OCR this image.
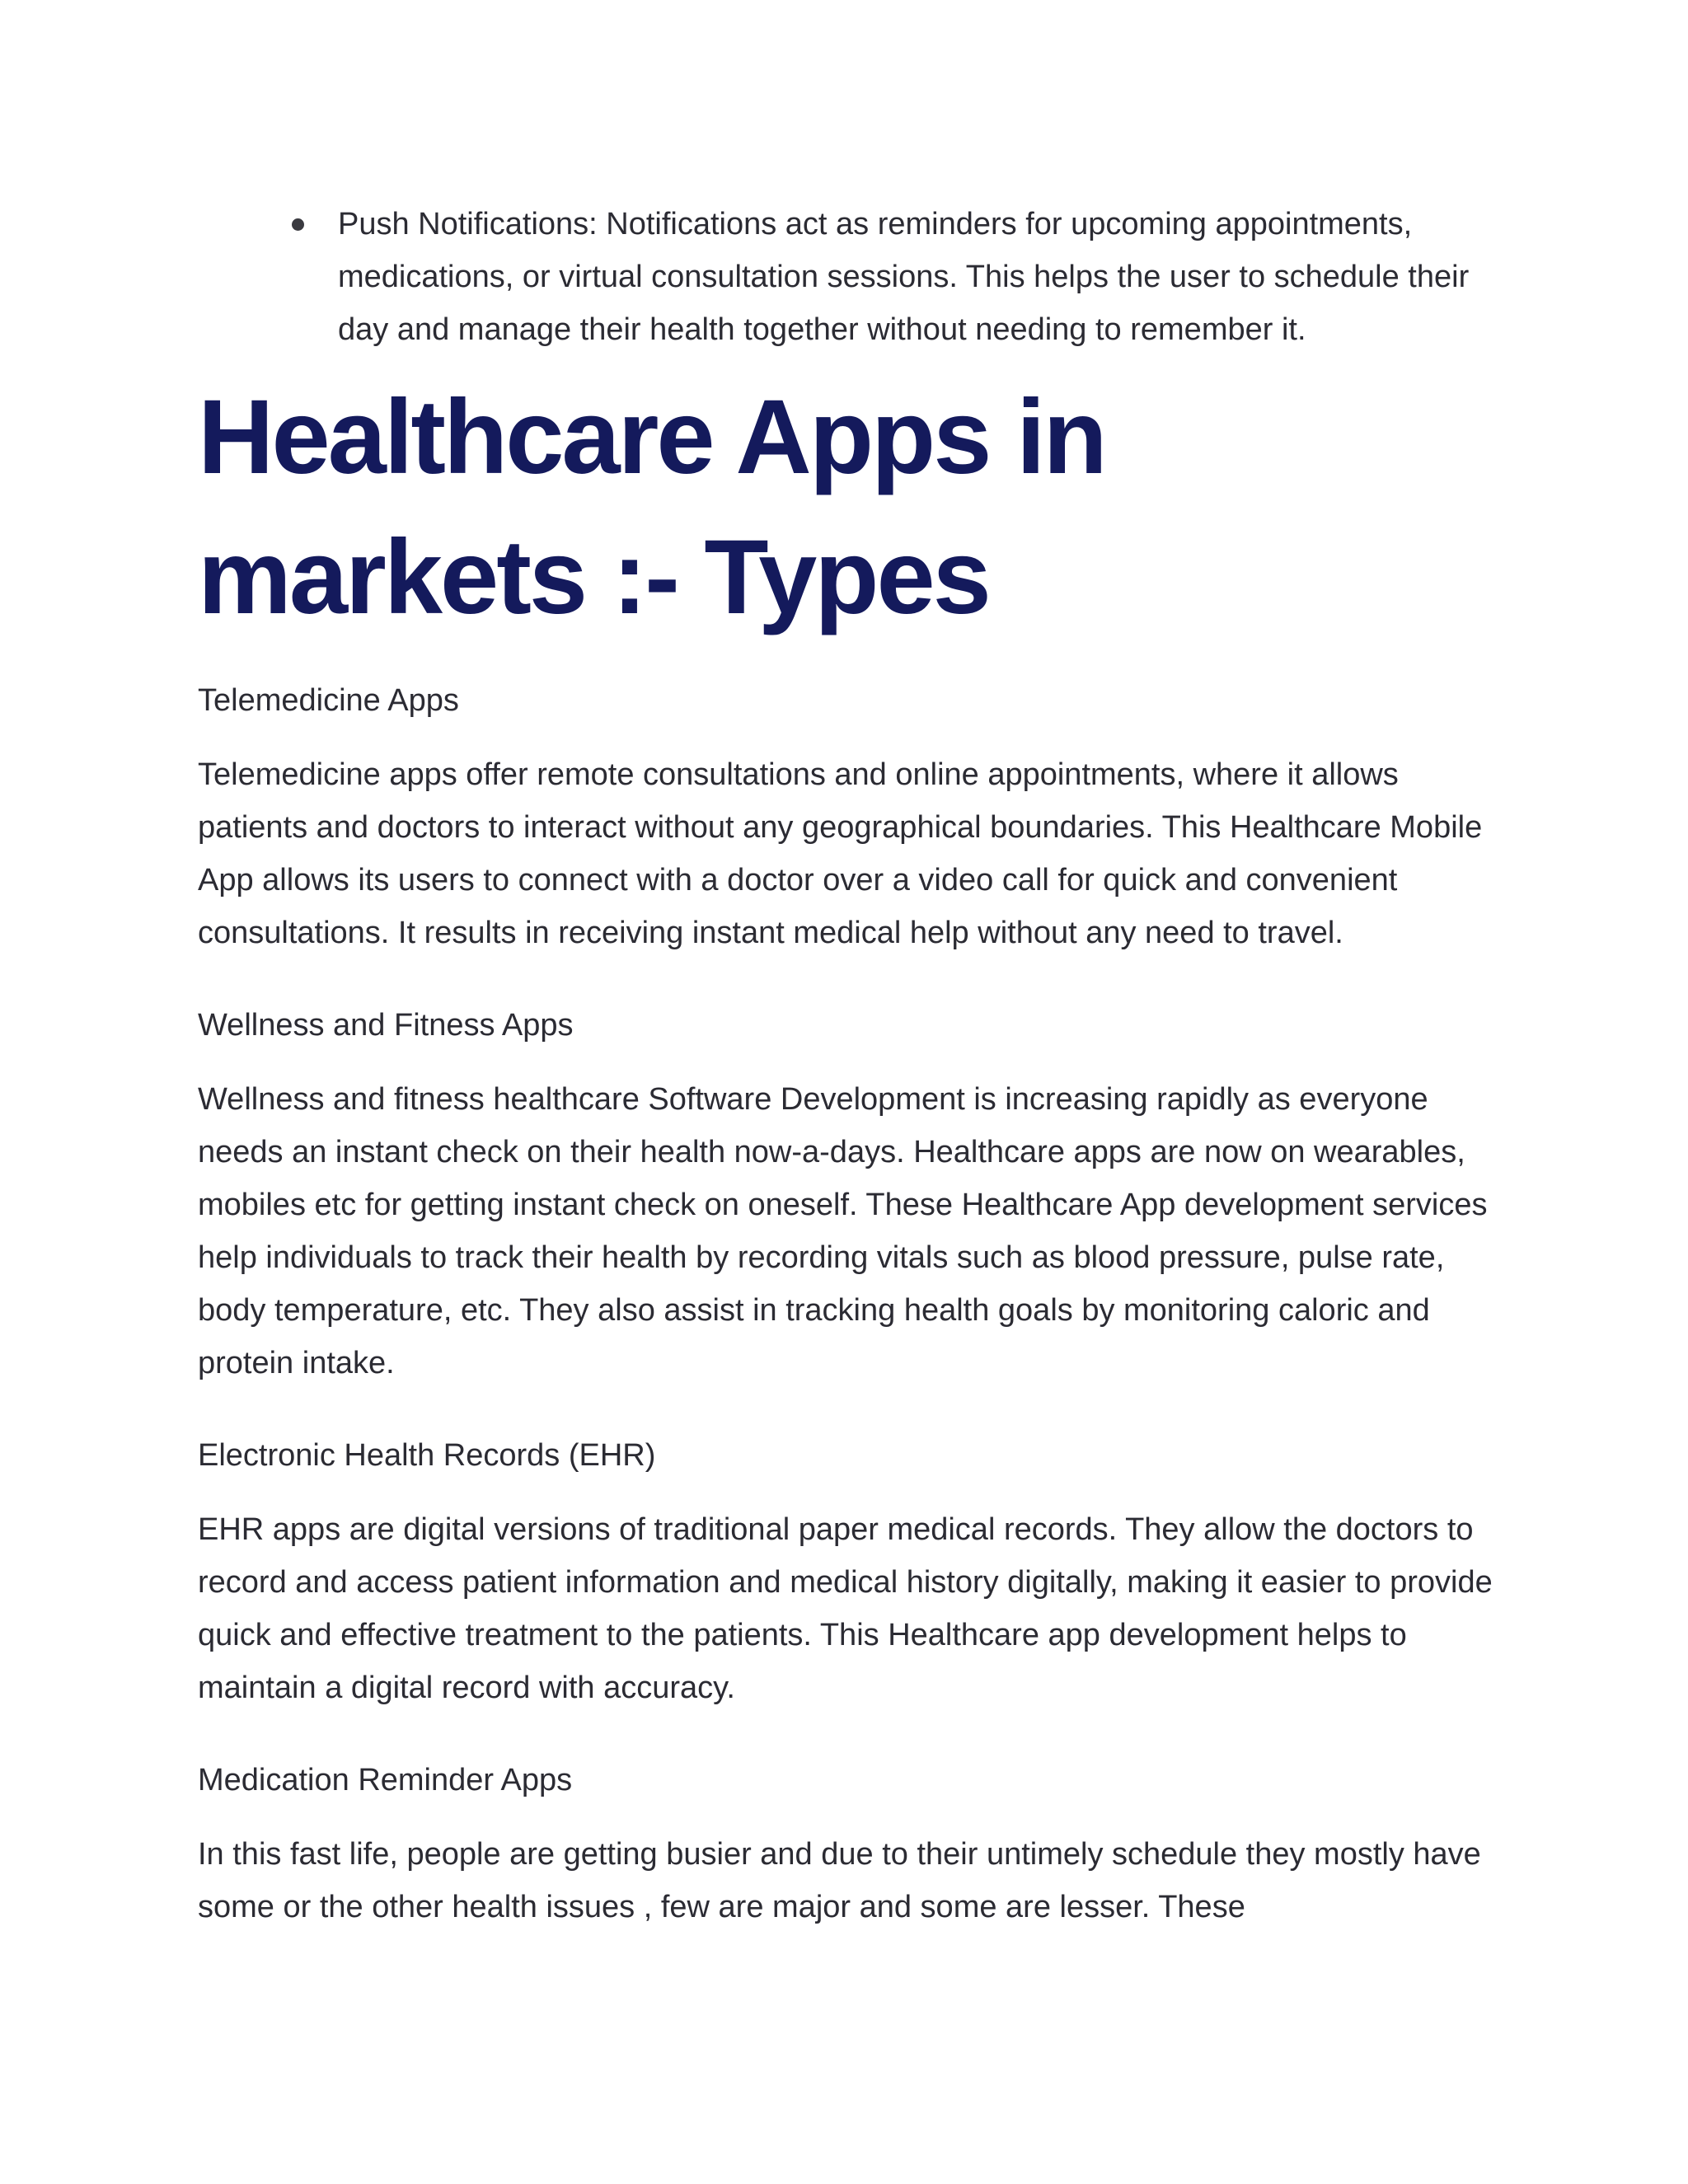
Push Notifications: Notifications act as reminders for upcoming appointments, medications, or virtual consultation sessions. This helps the user to schedule their day and manage their health together without needing to remember it.
Healthcare Apps in markets :- Types
Telemedicine Apps

Telemedicine apps offer remote consultations and online appointments, where it allows patients and doctors to interact without any geographical boundaries. This Healthcare Mobile App allows its users to connect with a doctor over a video call for quick and convenient consultations. It results in receiving instant medical help without any need to travel.

Wellness and Fitness Apps

Wellness and fitness healthcare Software Development is increasing rapidly as everyone needs an instant check on their health now-a-days. Healthcare apps are now on wearables, mobiles etc for getting instant check on oneself. These Healthcare App development services help individuals to track their health by recording vitals such as blood pressure, pulse rate, body temperature, etc. They also assist in tracking health goals by monitoring caloric and protein intake.

Electronic Health Records (EHR)

EHR apps are digital versions of traditional paper medical records. They allow the doctors to record and access patient information and medical history digitally, making it easier to provide quick and effective treatment to the patients. This Healthcare app development helps to maintain a digital record with accuracy.

Medication Reminder Apps

In this fast life, people are getting busier and due to their untimely schedule they mostly have some or the other health issues , few are major and some are lesser. These
